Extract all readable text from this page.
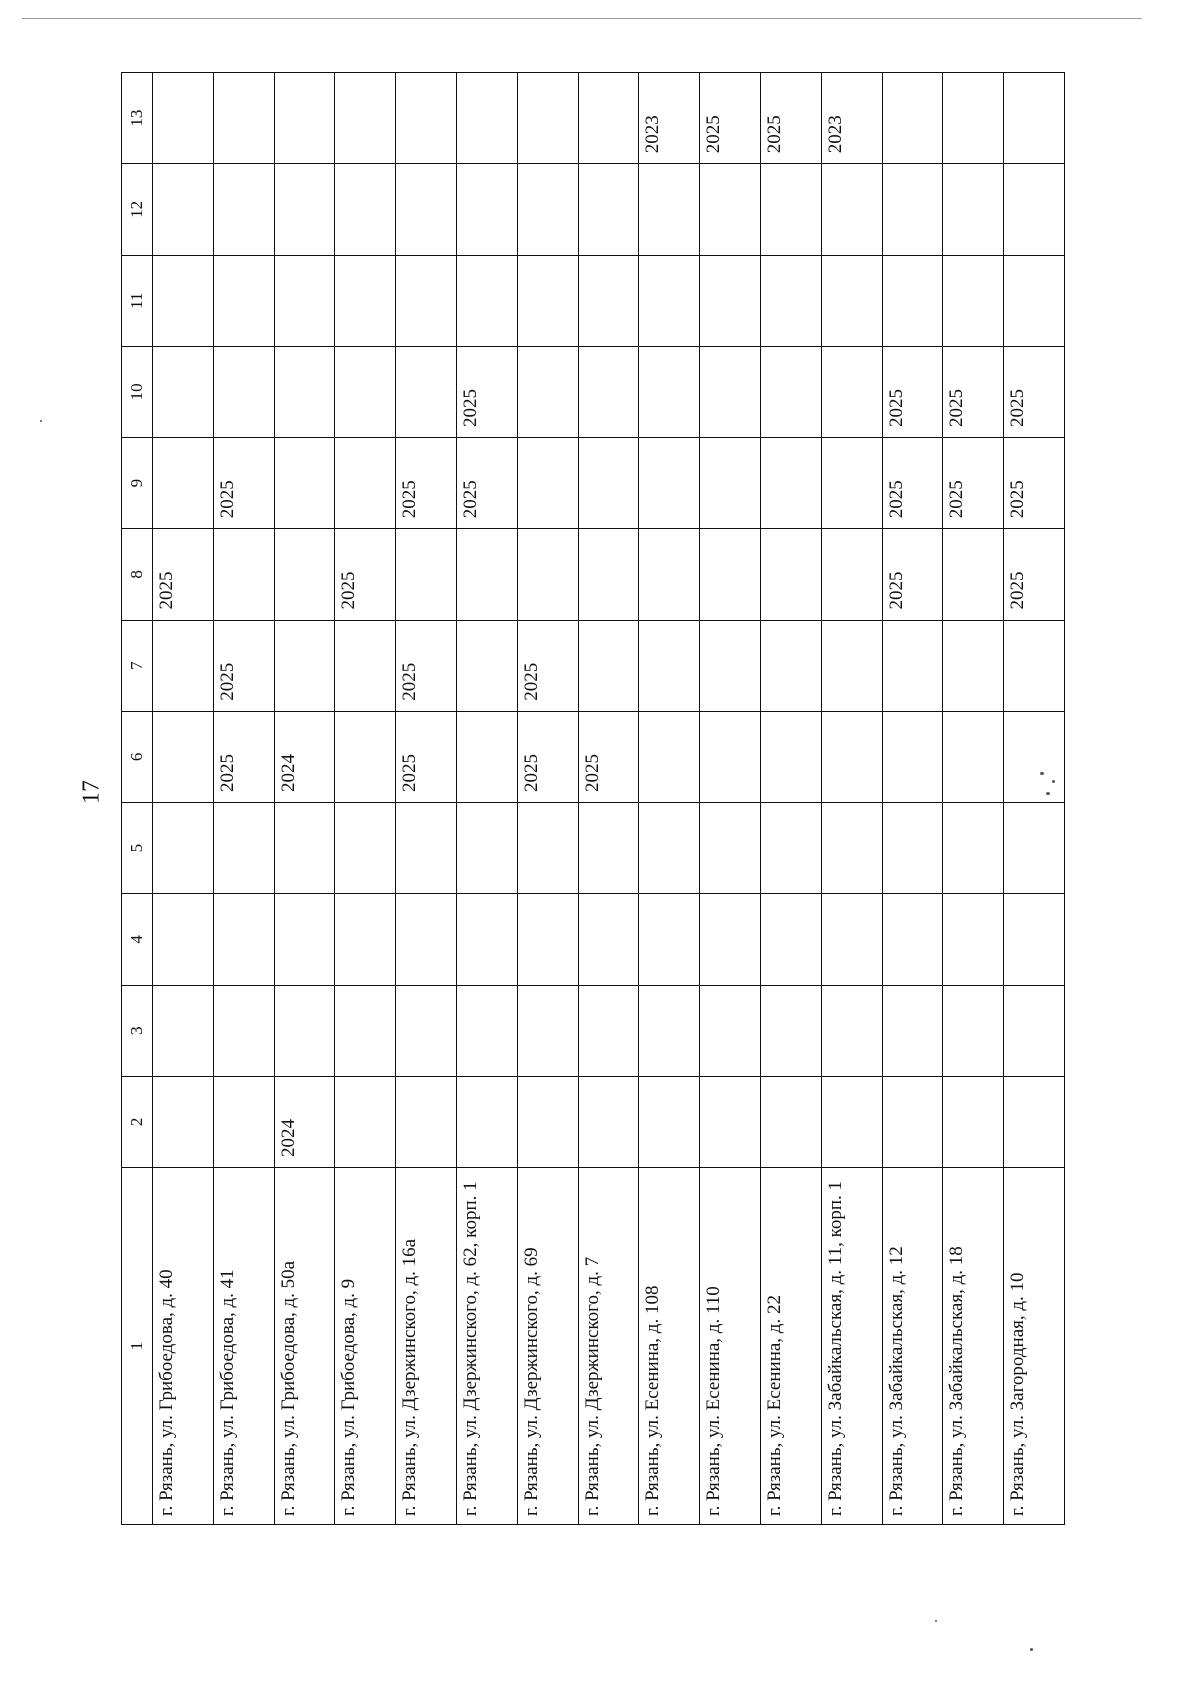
17
1	2	3	4	5	6	7	8	9	10	11	12	13
г. Рязань, ул. Грибоедова, д. 40							2025					
г. Рязань, ул. Грибоедова, д. 41					2025	2025		2025				
г. Рязань, ул. Грибоедова, д. 50а	2024				2024							
г. Рязань, ул. Грибоедова, д. 9							2025					
г. Рязань, ул. Дзержинского, д. 16а					2025	2025		2025				
г. Рязань, ул. Дзержинского, д. 62, корп. 1								2025	2025			
г. Рязань, ул. Дзержинского, д. 69					2025	2025						
г. Рязань, ул. Дзержинского, д. 7					2025							
г. Рязань, ул. Есенина, д. 108												2023
г. Рязань, ул. Есенина, д. 110												2025
г. Рязань, ул. Есенина, д. 22												2025
г. Рязань, ул. Забайкальская, д. 11, корп. 1												2023
г. Рязань, ул. Забайкальская, д. 12							2025	2025	2025			
г. Рязань, ул. Забайкальская, д. 18								2025	2025			
г. Рязань, ул. Загородная, д. 10							2025	2025	2025			
